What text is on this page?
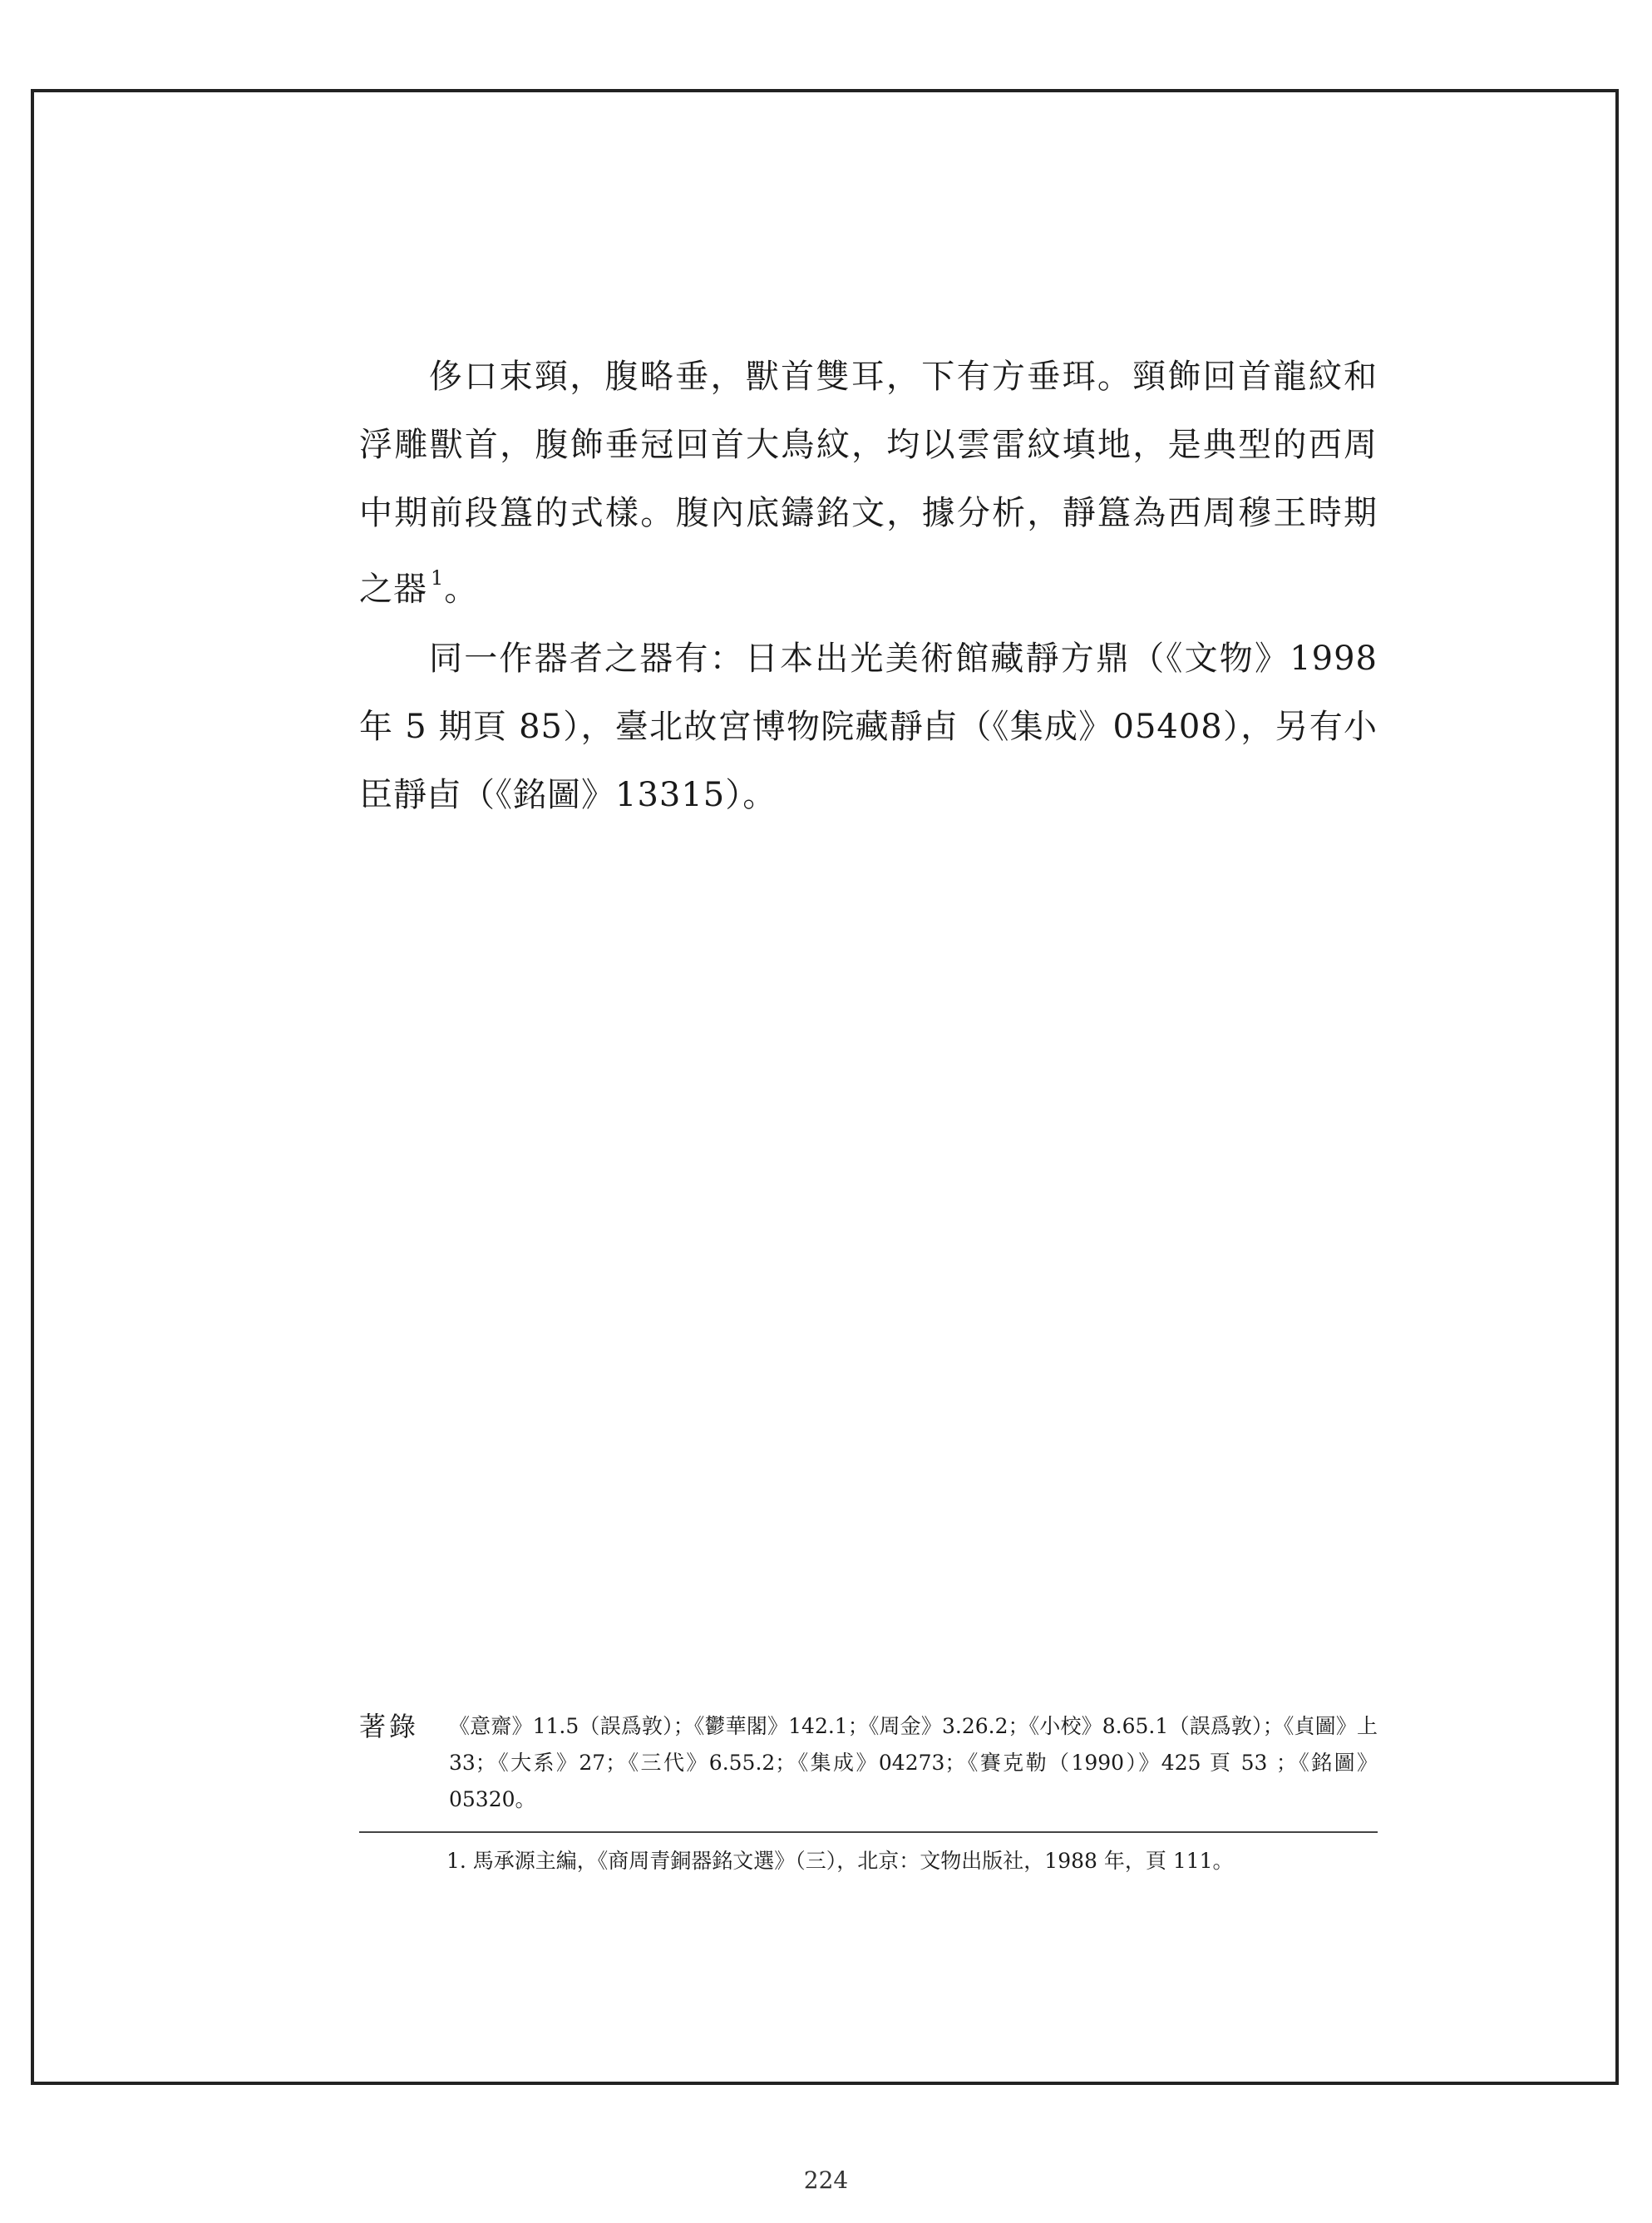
侈口束頸，腹略垂，獸首雙耳，下有方垂珥。頸飾回首龍紋和浮雕獸首，腹飾垂冠回首大鳥紋，均以雲雷紋填地，是典型的西周中期前段簋的式樣。腹內底鑄銘文，據分析，靜簋為西周穆王時期之器 $^1$。

同一作器者之器有：日本出光美術館藏靜方鼎（《文物》1998 年 5 期頁 85），臺北故宮博物院藏靜卣（《集成》05408），另有小臣靜卣（《銘圖》13315）。

著錄	《意齋》11.5（誤爲敦）；《鬱華閣》142.1；《周金》3.26.2；《小校》8.65.1（誤爲敦）；《貞圖》上 33；《大系》27；《三代》6.55.2；《集成》04273；《賽克勒（1990）》425 頁 53 ；《銘圖》05320。
1. 馬承源主編，《商周青銅器銘文選》（三），北京：文物出版社，1988 年，頁 111。
224
